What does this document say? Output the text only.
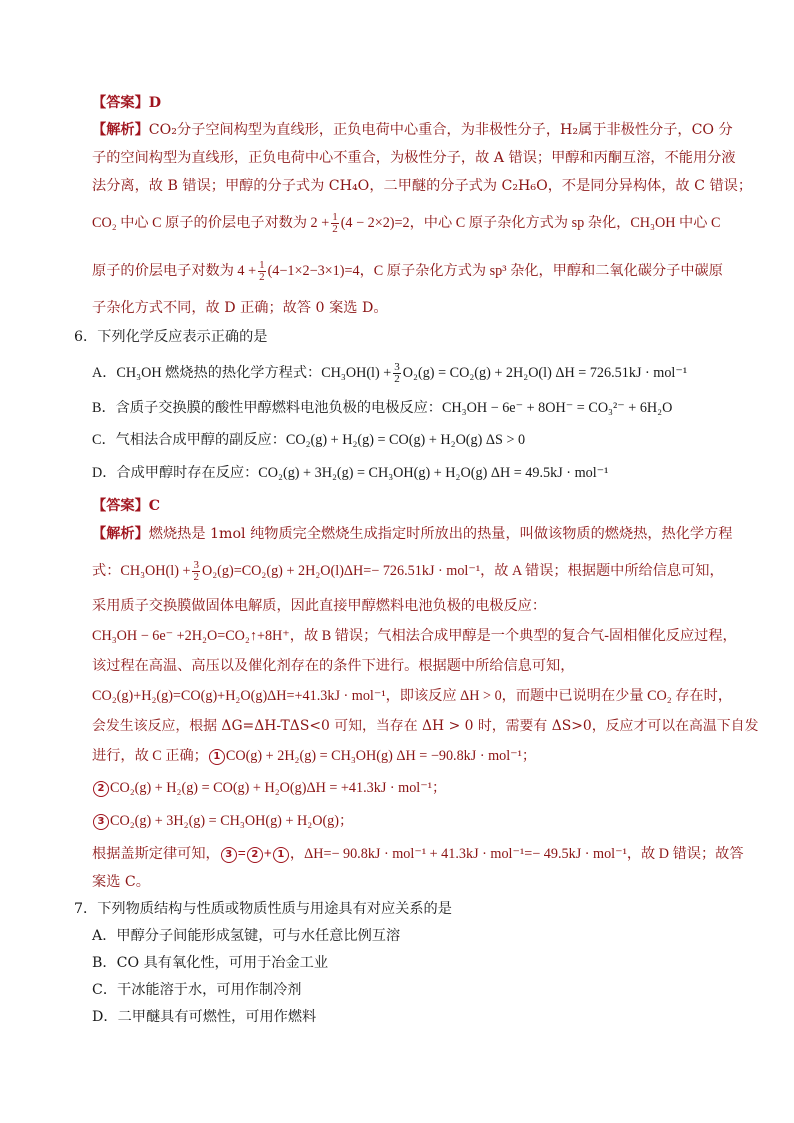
【答案】D
【解析】CO₂分子空间构型为直线形，正负电荷中心重合，为非极性分子，H₂属于非极性分子，CO 分
子的空间构型为直线形，正负电荷中心不重合，为极性分子，故 A 错误；甲醇和丙酮互溶，不能用分液
法分离，故 B 错误；甲醇的分子式为 CH₄O，二甲醚的分子式为 C₂H₆O，不是同分异构体，故 C 错误；
CO₂ 中心 C 原子的价层电子对数为 $2 + \frac{1}{2} (4 - 2\times 2)=2$，中心 C 原子杂化方式为 sp 杂化，CH₃OH 中心 C
原子的价层电子对数为 $4 + \frac{1}{2} (4-1\times 2-3\times 1)=4$，C 原子杂化方式为 sp³ 杂化，甲醇和二氧化碳分子中碳原
子杂化方式不同，故 D 正确；故答 0 案选 D。
6．下列化学反应表示正确的是
A．CH₃OH 燃烧热的热化学方程式：$CH_3OH(l) + \frac{3}{2} O_2(g) = CO_2(g) + 2H_2O(l) \Delta H = 726.51kJ \cdot mol^{-1}$
B．含质子交换膜的酸性甲醇燃料电池负极的电极反应：CH₃OH − 6e⁻ + 8OH⁻ = CO₃²⁻ + 6H₂O
C．气相法合成甲醇的副反应：CO₂(g) + H₂(g) = CO(g) + H₂O(g) ΔS > 0
D．合成甲醇时存在反应：CO₂(g) + 3H₂(g) = CH₃OH(g) + H₂O(g) ΔH = 49.5kJ · mol⁻¹
【答案】C
【解析】燃烧热是 1mol 纯物质完全燃烧生成指定时所放出的热量，叫做该物质的燃烧热，热化学方程
式：$CH_3OH(l) + \frac{3}{2} O_2(g)=CO_2(g) + 2H_2O(l)\Delta H=- 726.51kJ \cdot mol^{-1}$，故 A 错误；根据题中所给信息可知，
采用质子交换膜做固体电解质，因此直接甲醇燃料电池负极的电极反应：
CH₃OH − 6e⁻ +2H₂O=CO₂↑+8H⁺，故 B 错误；气相法合成甲醇是一个典型的复合气-固相催化反应过程，
该过程在高温、高压以及催化剂存在的条件下进行。根据题中所给信息可知，
CO₂(g)+H₂(g)=CO(g)+H₂O(g)ΔH=+41.3kJ · mol⁻¹，即该反应 ΔH > 0，而题中已说明在少量 CO₂ 存在时，
会发生该反应，根据 ΔG=ΔH-TΔS<0 可知，当存在 ΔH > 0 时，需要有 ΔS>0，反应才可以在高温下自发
进行，故 C 正确； 1 CO(g) + 2H₂(g) = CH₃OH(g) ΔH = −90.8kJ · mol⁻¹；
2 CO₂(g) + H₂(g) = CO(g) + H₂O(g)ΔH = +41.3kJ · mol⁻¹；
3 CO₂(g) + 3H₂(g) = CH₃OH(g) + H₂O(g)；
根据盖斯定律可知， 3 = 2 + 1 ，ΔH=− 90.8kJ · mol⁻¹ + 41.3kJ · mol⁻¹=− 49.5kJ · mol⁻¹，故 D 错误；故答
案选 C。
7．下列物质结构与性质或物质性质与用途具有对应关系的是
A．甲醇分子间能形成氢键，可与水任意比例互溶
B．CO 具有氧化性，可用于冶金工业
C．干冰能溶于水，可用作制冷剂
D．二甲醚具有可燃性，可用作燃料
